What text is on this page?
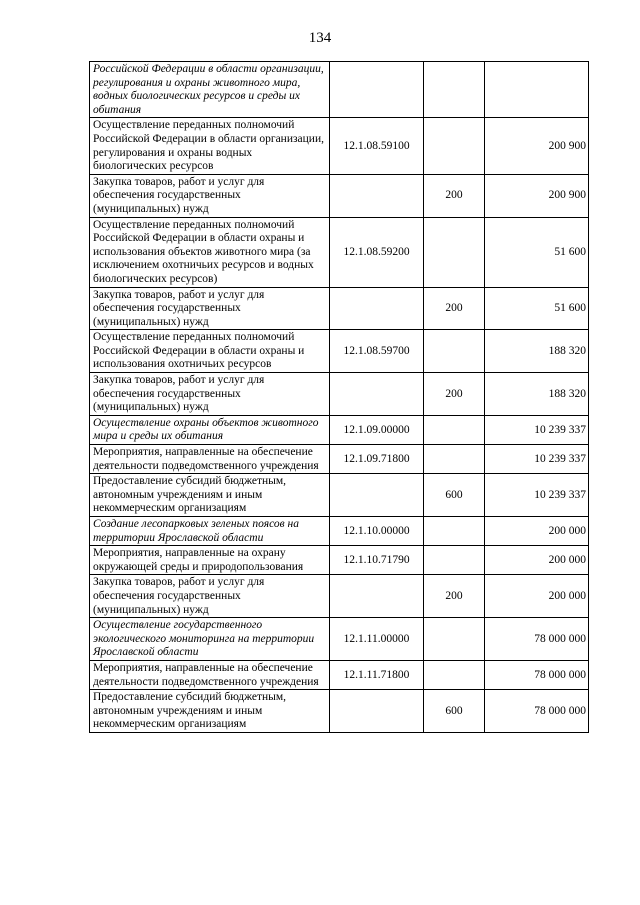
134
Российской Федерации в области организации, регулирования и охраны животного мира, водных биологических ресурсов и среды их обитания			
Осуществление переданных полномочий Российской Федерации в области организации, регулирования и охраны водных биологических ресурсов	12.1.08.59100		200 900
Закупка товаров, работ и услуг для обеспечения государственных (муниципальных) нужд		200	200 900
Осуществление переданных полномочий Российской Федерации в области охраны и использования объектов животного мира (за исключением охотничьих ресурсов и водных биологических ресурсов)	12.1.08.59200		51 600
Закупка товаров, работ и услуг для обеспечения государственных (муниципальных) нужд		200	51 600
Осуществление переданных полномочий Российской Федерации в области охраны и использования охотничьих ресурсов	12.1.08.59700		188 320
Закупка товаров, работ и услуг для обеспечения государственных (муниципальных) нужд		200	188 320
Осуществление охраны объектов животного мира и среды их обитания	12.1.09.00000		10 239 337
Мероприятия, направленные на обеспечение деятельности подведомственного учреждения	12.1.09.71800		10 239 337
Предоставление субсидий бюджетным, автономным учреждениям и иным некоммерческим организациям		600	10 239 337
Создание лесопарковых зеленых поясов на территории Ярославской области	12.1.10.00000		200 000
Мероприятия, направленные на охрану окружающей среды и природопользования	12.1.10.71790		200 000
Закупка товаров, работ и услуг для обеспечения государственных (муниципальных) нужд		200	200 000
Осуществление государственного экологического мониторинга на территории Ярославской области	12.1.11.00000		78 000 000
Мероприятия, направленные на обеспечение деятельности подведомственного учреждения	12.1.11.71800		78 000 000
Предоставление субсидий бюджетным, автономным учреждениям и иным некоммерческим организациям		600	78 000 000
